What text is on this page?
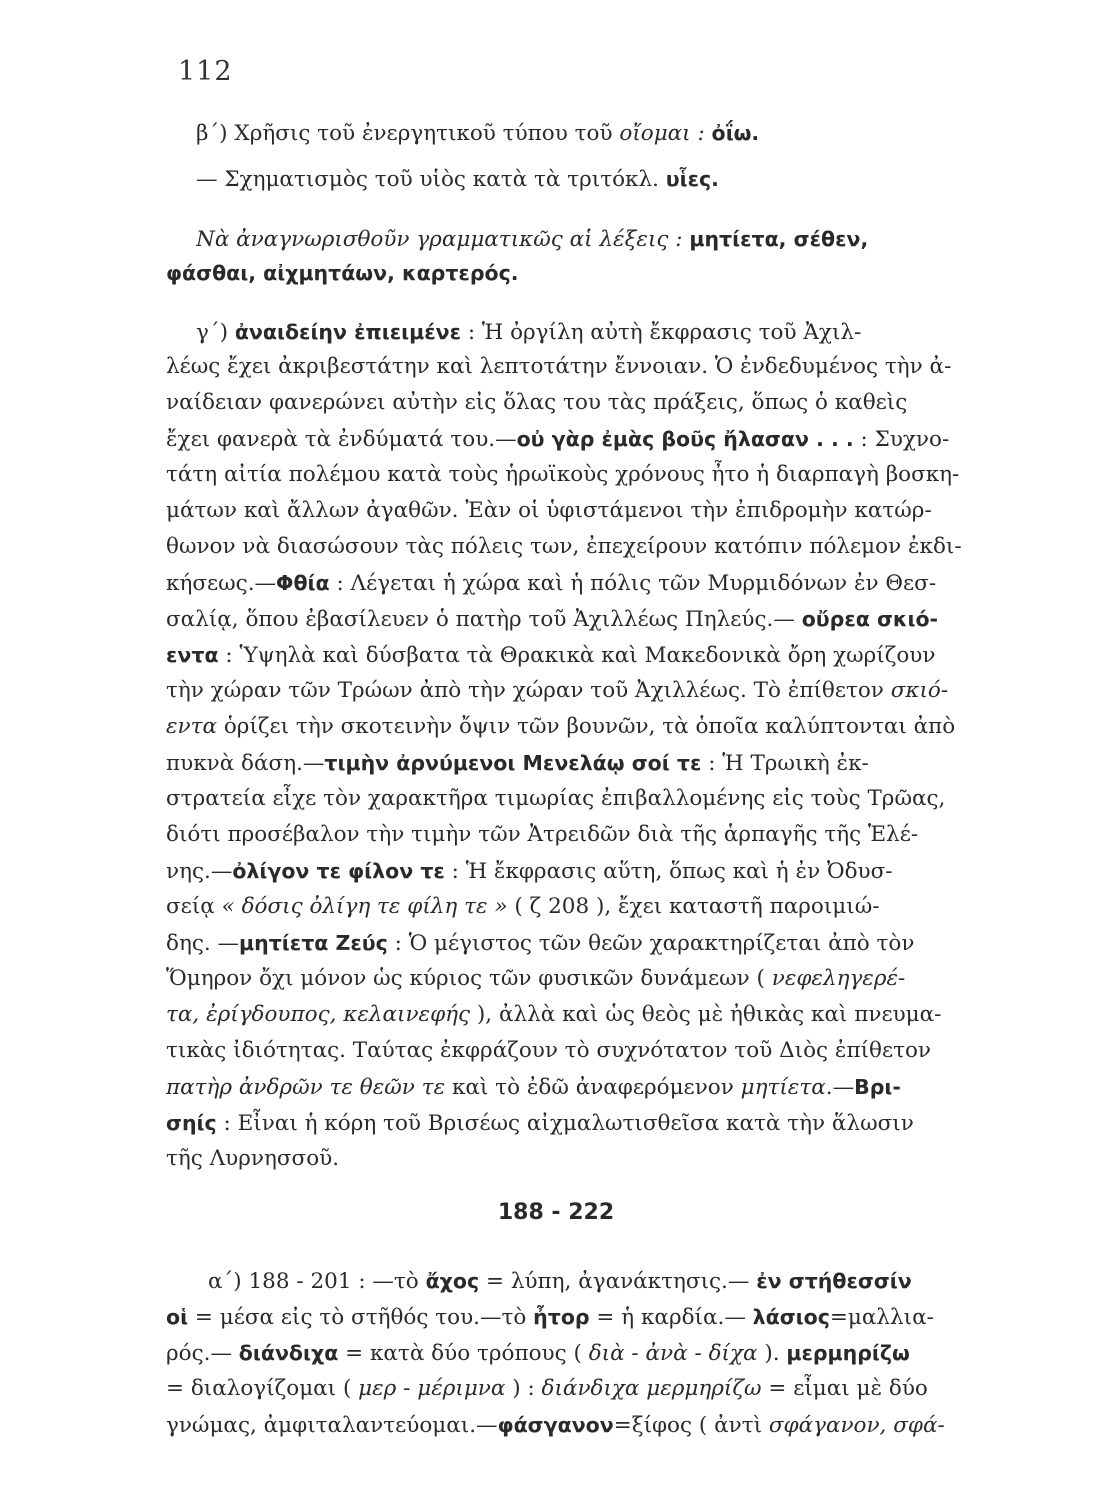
112
β΄) Χρῆσις τοῦ ἐνεργητικοῦ τύπου τοῦ οἴομαι : ὀΐω.
— Σχηματισμὸς τοῦ υἱὸς κατὰ τὰ τριτόκλ. υἷες.
Νὰ ἀναγνωρισθοῦν γραμματικῶς αἱ λέξεις : μητίετα, σέθεν,
φάσθαι, αἰχμητάων, καρτερός.
γ΄) ἀναιδείην ἐπιειμένε : Ἡ ὀργίλη αὐτὴ ἔκφρασις τοῦ Ἀχιλ-
λέως ἔχει ἀκριβεστάτην καὶ λεπτοτάτην ἔννοιαν. Ὁ ἐνδεδυμένος τὴν ἀ-
ναίδειαν φανερώνει αὐτὴν εἰς ὅλας του τὰς πράξεις, ὅπως ὁ καθεὶς
ἔχει φανερὰ τὰ ἐνδύματά του.—οὐ γὰρ ἐμὰς βοῦς ἤλασαν . . . : Συχνο-
τάτη αἰτία πολέμου κατὰ τοὺς ἡρωϊκοὺς χρόνους ἦτο ἡ διαρπαγὴ βοσκη-
μάτων καὶ ἄλλων ἀγαθῶν. Ἐὰν οἱ ὑφιστάμενοι τὴν ἐπιδρομὴν κατώρ-
θωνον νὰ διασώσουν τὰς πόλεις των, ἐπεχείρουν κατόπιν πόλεμον ἐκδι-
κήσεως.—Φθία : Λέγεται ἡ χώρα καὶ ἡ πόλις τῶν Μυρμιδόνων ἐν Θεσ-
σαλίᾳ, ὅπου ἐβασίλευεν ὁ πατὴρ τοῦ Ἀχιλλέως Πηλεύς.— οὔρεα σκιό-
εντα : Ὑψηλὰ καὶ δύσβατα τὰ Θρακικὰ καὶ Μακεδονικὰ ὄρη χωρίζουν
τὴν χώραν τῶν Τρώων ἀπὸ τὴν χώραν τοῦ Ἀχιλλέως. Τὸ ἐπίθετον σκιό-
εντα ὁρίζει τὴν σκοτεινὴν ὄψιν τῶν βουνῶν, τὰ ὁποῖα καλύπτονται ἀπὸ
πυκνὰ δάση.—τιμὴν ἀρνύμενοι Μενελάῳ σοί τε : Ἡ Τρωικὴ ἐκ-
στρατεία εἶχε τὸν χαρακτῆρα τιμωρίας ἐπιβαλλομένης εἰς τοὺς Τρῶας,
διότι προσέβαλον τὴν τιμὴν τῶν Ἀτρειδῶν διὰ τῆς ἁρπαγῆς τῆς Ἑλέ-
νης.—ὀλίγον τε φίλον τε : Ἡ ἔκφρασις αὕτη, ὅπως καὶ ἡ ἐν Ὀδυσ-
σείᾳ « δόσις ὀλίγη τε φίλη τε » ( ζ 208 ), ἔχει καταστῆ παροιμιώ-
δης. —μητίετα Ζεύς : Ὁ μέγιστος τῶν θεῶν χαρακτηρίζεται ἀπὸ τὸν
Ὅμηρον ὄχι μόνον ὡς κύριος τῶν φυσικῶν δυνάμεων ( νεφεληγερέ-
τα, ἐρίγδουπος, κελαινεφής ), ἀλλὰ καὶ ὡς θεὸς μὲ ἠθικὰς καὶ πνευμα-
τικὰς ἰδιότητας. Ταύτας ἐκφράζουν τὸ συχνότατον τοῦ Διὸς ἐπίθετον
πατὴρ ἀνδρῶν τε θεῶν τε καὶ τὸ ἐδῶ ἀναφερόμενον μητίετα.—Βρι-
σηίς : Εἶναι ἡ κόρη τοῦ Βρισέως αἰχμαλωτισθεῖσα κατὰ τὴν ἅλωσιν
τῆς Λυρνησσοῦ.
α΄) 188 - 201 : —τὸ ἄχος = λύπη, ἀγανάκτησις.— ἐν στήθεσσίν
οἱ = μέσα εἰς τὸ στῆθός του.—τὸ ἦτορ = ἡ καρδία.— λάσιος=μαλλια-
ρός.— διάνδιχα = κατὰ δύο τρόπους ( διὰ - ἀνὰ - δίχα ). μερμηρίζω
= διαλογίζομαι ( μερ - μέριμνα ) : διάνδιχα μερμηρίζω = εἶμαι μὲ δύο
γνώμας, ἀμφιταλαντεύομαι.—φάσγανον=ξίφος ( ἀντὶ σφάγανον, σφά-
188 - 222
